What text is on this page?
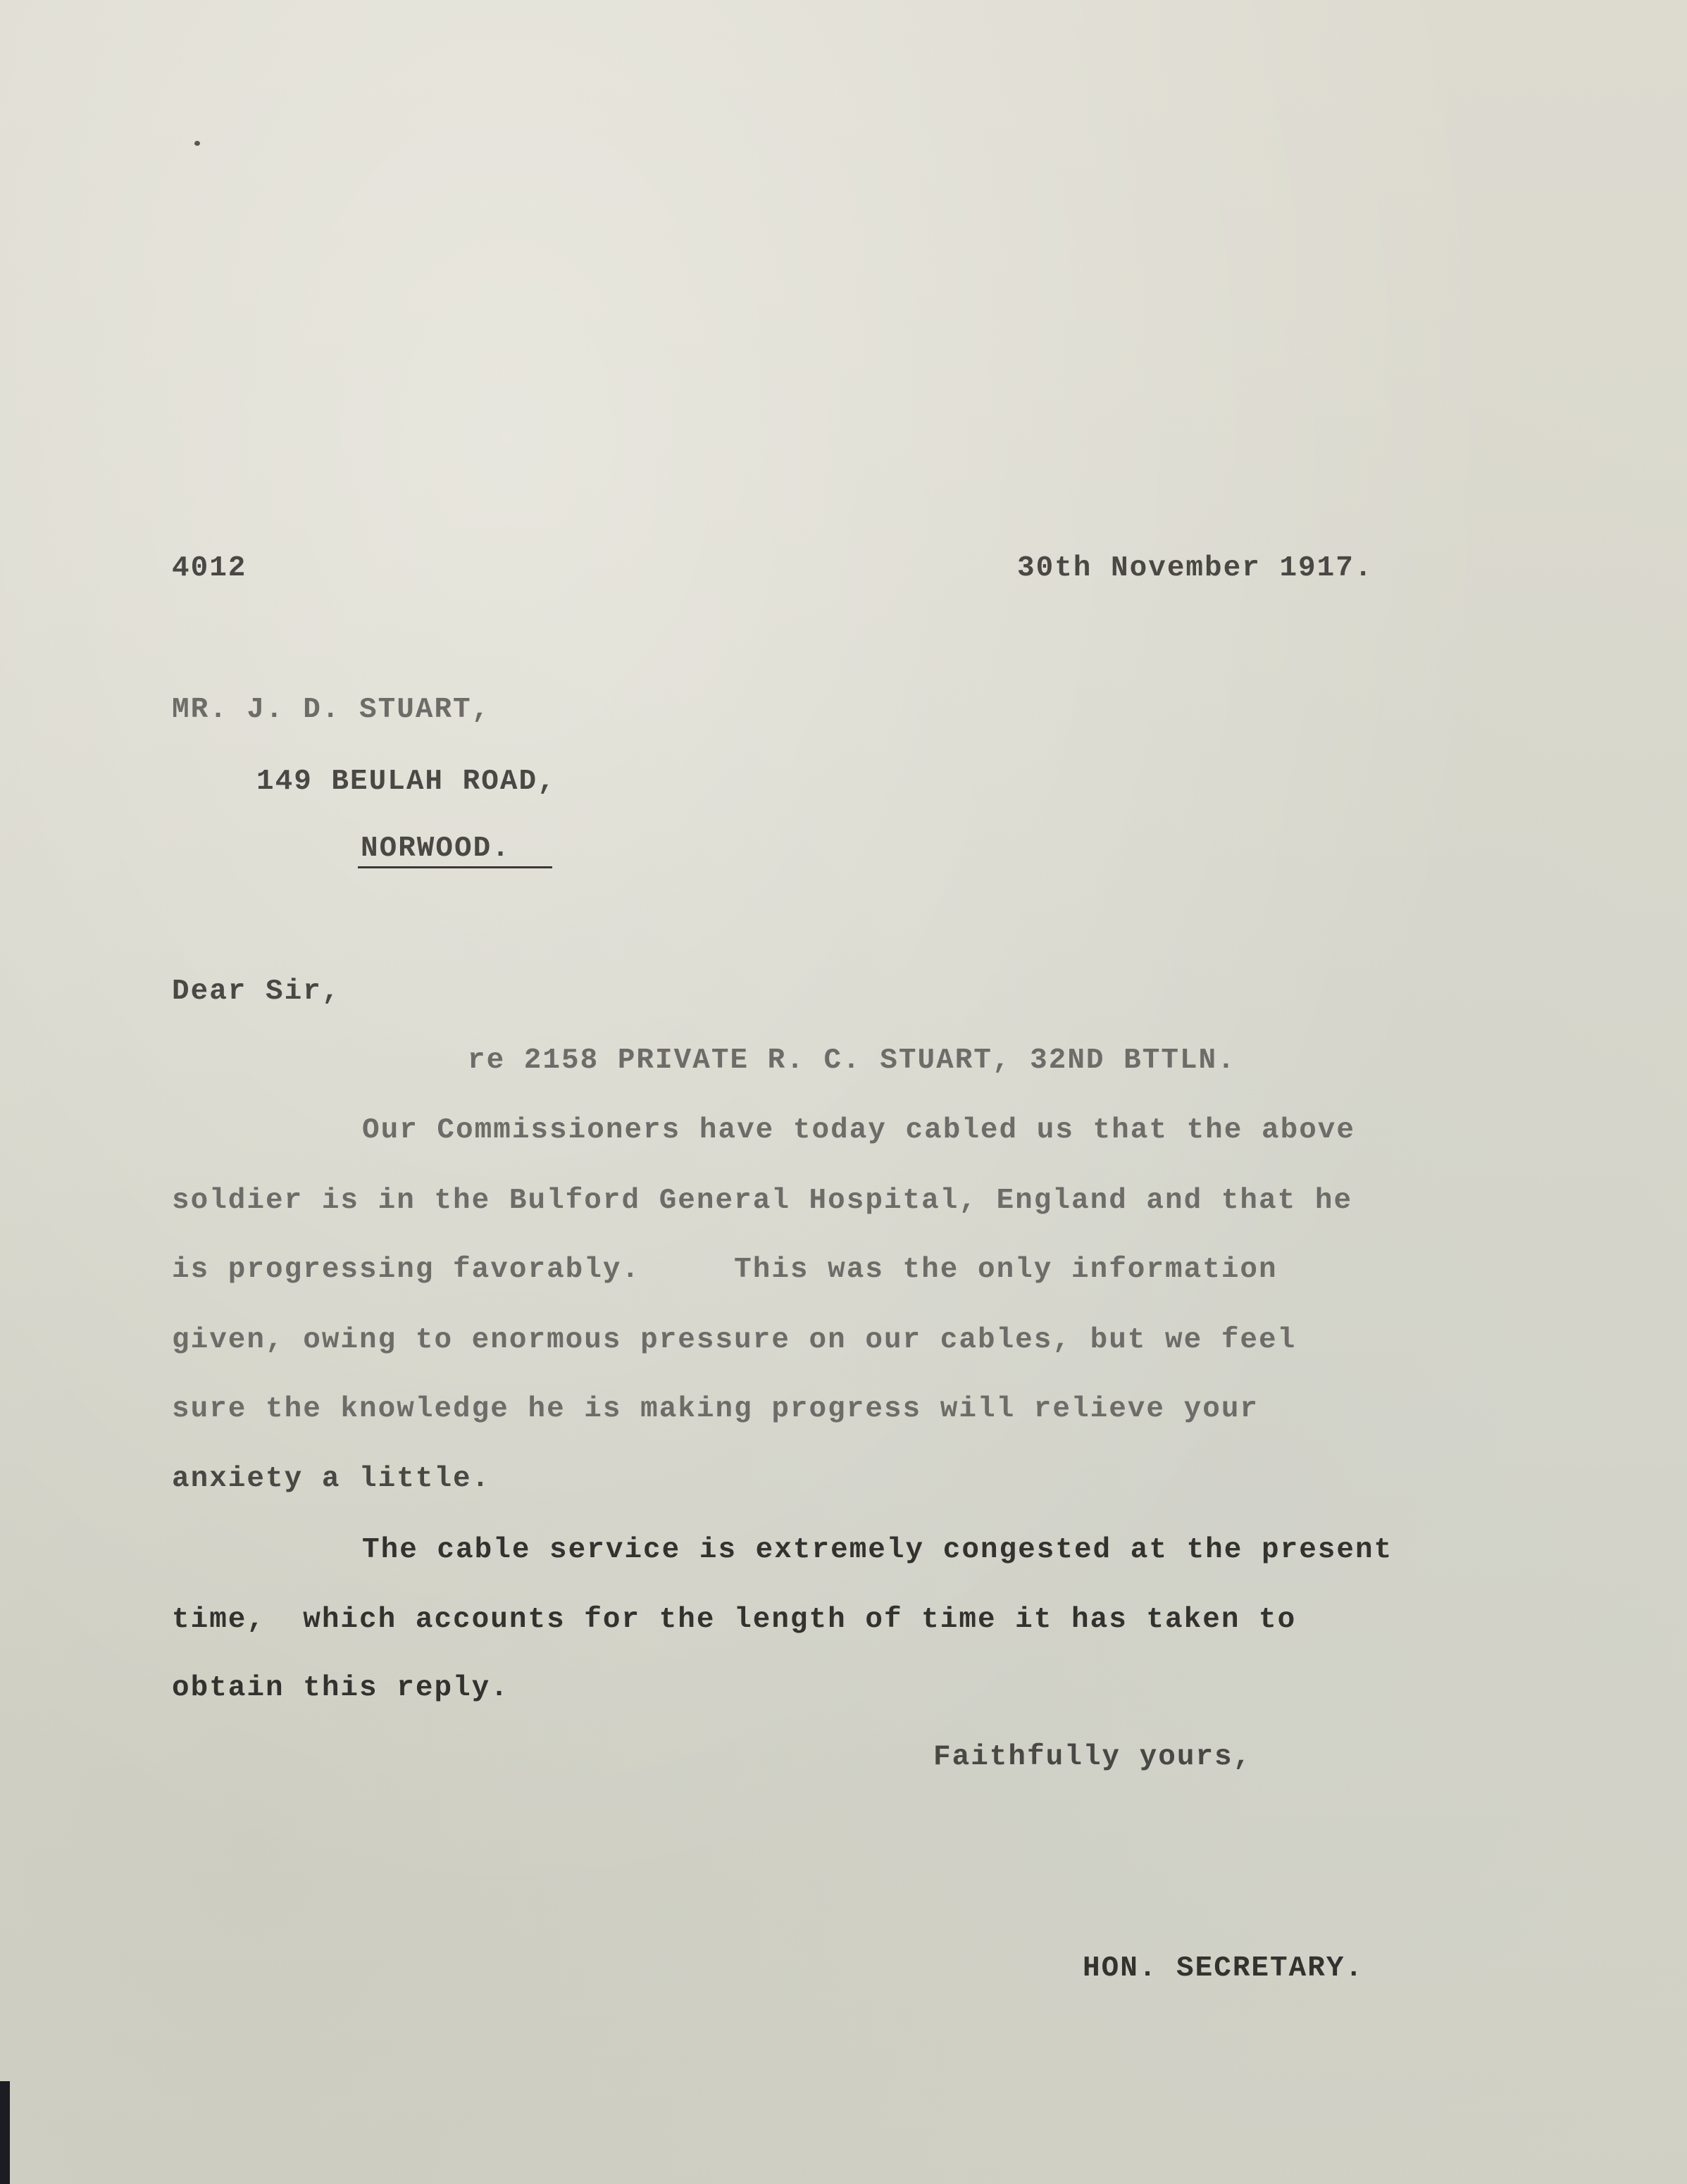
4012	30th November 1917.
MR. J. D. STUART,
149 BEULAH ROAD,
NORWOOD.
Dear Sir,
re 2158 PRIVATE R. C. STUART, 32ND BTTLN.
Our Commissioners have today cabled us that the above
soldier is in the Bulford General Hospital, England and that he
is progressing favorably.     This was the only information
given, owing to enormous pressure on our cables, but we feel
sure the knowledge he is making progress will relieve your
anxiety a little.
The cable service is extremely congested at the present
time,  which accounts for the length of time it has taken to
obtain this reply.
Faithfully yours,
HON. SECRETARY.
